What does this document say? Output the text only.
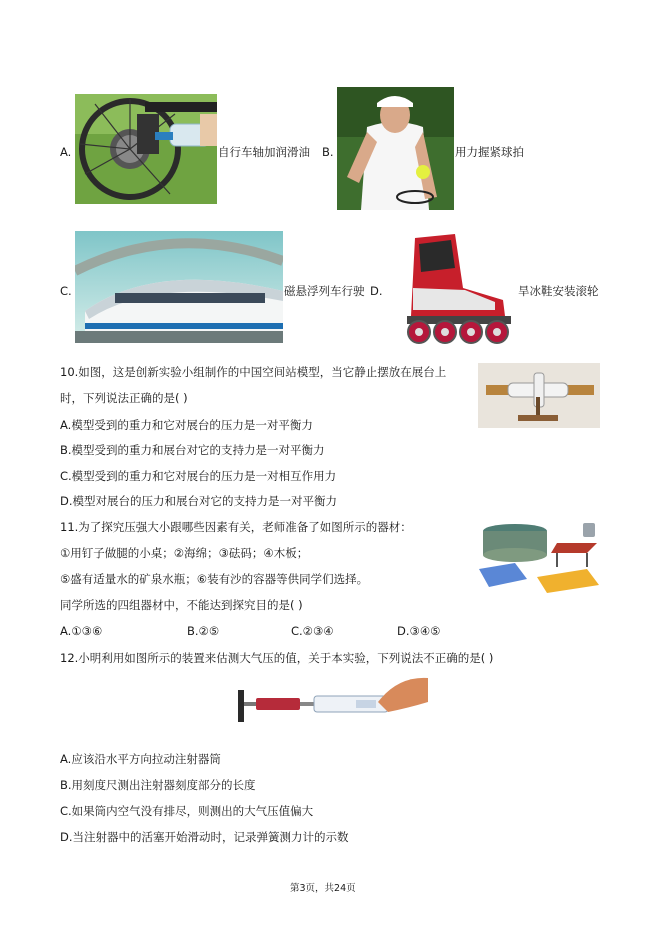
A.	自行车轴加润滑油 B.	用力握紧球拍
C.	磁悬浮列车行驶 D.	旱冰鞋安装滚轮
10.如图，这是创新实验小组制作的中国空间站模型，当它静止摆放在展台上
时，下列说法正确的是( )
A.模型受到的重力和它对展台的压力是一对平衡力
B.模型受到的重力和展台对它的支持力是一对平衡力
C.模型受到的重力和它对展台的压力是一对相互作用力
D.模型对展台的压力和展台对它的支持力是一对平衡力
11.为了探究压强大小跟哪些因素有关，老师准备了如图所示的器材：
①用钉子做腿的小桌；②海绵；③砝码；④木板；
⑤盛有适量水的矿泉水瓶；⑥装有沙的容器等供同学们选择。
同学所选的四组器材中，不能达到探究目的是( )
A.①③⑥	B.②⑤	C.②③④	D.③④⑤
12.小明利用如图所示的装置来估测大气压的值，关于本实验，下列说法不正确的是( )
A.应该沿水平方向拉动注射器筒
B.用刻度尺测出注射器刻度部分的长度
C.如果筒内空气没有排尽，则测出的大气压值偏大
D.当注射器中的活塞开始滑动时，记录弹簧测力计的示数
第3页，共24页
